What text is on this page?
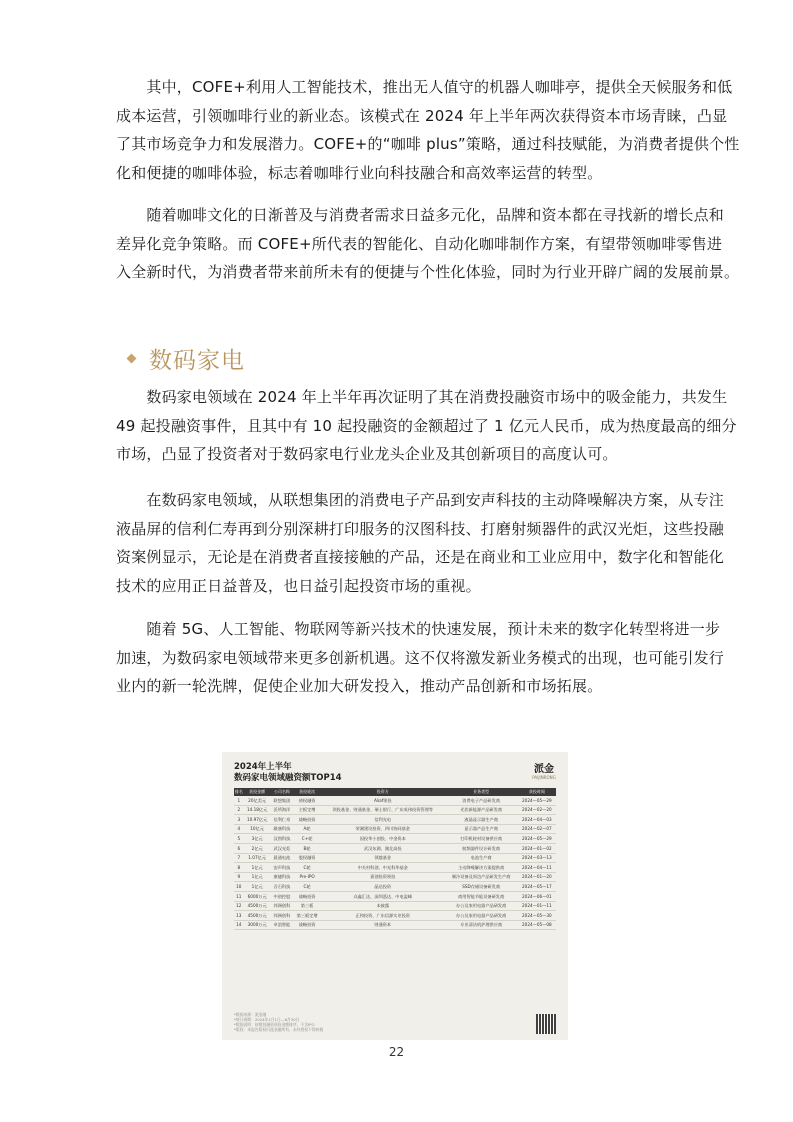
　　其中，COFE+利用人工智能技术，推出无人值守的机器人咖啡亭，提供全天候服务和低

成本运营，引领咖啡行业的新业态。该模式在 2024 年上半年两次获得资本市场青睐，凸显

了其市场竞争力和发展潜力。COFE+的“咖啡 plus”策略，通过科技赋能，为消费者提供个性

化和便捷的咖啡体验，标志着咖啡行业向科技融合和高效率运营的转型。

　　随着咖啡文化的日渐普及与消费者需求日益多元化，品牌和资本都在寻找新的增长点和

差异化竞争策略。而 COFE+所代表的智能化、自动化咖啡制作方案，有望带领咖啡零售进

入全新时代，为消费者带来前所未有的便捷与个性化体验，同时为行业开辟广阔的发展前景。

数码家电

　　数码家电领域在 2024 年上半年再次证明了其在消费投融资市场中的吸金能力，共发生

49 起投融资事件，且其中有 10 起投融资的金额超过了 1 亿元人民币，成为热度最高的细分

市场，凸显了投资者对于数码家电行业龙头企业及其创新项目的高度认可。

　　在数码家电领域，从联想集团的消费电子产品到安声科技的主动降噪解决方案，从专注

液晶屏的信利仁寿再到分别深耕打印服务的汉图科技、打磨射频器件的武汉光炬，这些投融

资案例显示，无论是在消费者直接接触的产品，还是在商业和工业应用中，数字化和智能化

技术的应用正日益普及，也日益引起投资市场的重视。

　　随着 5G、人工智能、物联网等新兴技术的快速发展，预计未来的数字化转型将进一步

加速，为数码家电领域带来更多创新机遇。这不仅将激发新业务模式的出现，也可能引发行

业内的新一轮洗牌，促使企业加大研发投入，推动产品创新和市场拓展。

2024年上半年
数码家电领域融资额TOP14
派金
PAIJINRONG
排名	获投金额	公司名称	获投轮次	投资方	业务类型	获投时间
1	20亿美元	联想集团	债权融资	Aliaf领投	消费电子产品研发商	2024—05—29
2	14.18亿元	沃所海洋	主板定增	领投基金、财通基金、瑞士银行、广东英伟投资管理等	光伏新能源产品研发商	2024—02—20
3	10.97亿元	信利仁寿	战略投资	信利光电	液晶显示器生产商	2024—04—03
4	10亿元	殿康科技	A轮	荣湘建设投资、四川协同基金	显示器产品生产商	2024—02—07
5	3亿元	汉图科技	C+轮	国投华小创投、中金资本	打印机耗材设备供应商	2024—05—29
6	2亿元	武汉光炬	B轮	武汉东湖、湖北高投	射频器件设计研发商	2024—01—02
7	1.07亿元	晨通电池	股权融资	领越基金	电池生产商	2024—03—13
8	1亿元	安声科技	C轮	中关村科创、中光科华基金	主动降噪解决方案提供商	2024—04—11
9	1亿元	康捷科技	Pre-IPO	嘉创投资领投	制冷设备及周边产品研发生产商	2024—01—20
10	1亿元	吾石科技	C轮	晶达投资	SSD存储设备研发商	2024—05—17
11	6000万元	中创控股	战略投资	众鑫汇达、深圳泓达、中电盈峰	商用智能节能设备研发商	2024—06—01
12	4500万元	邦洲创科	第三板	未披露	办公及家用电器产品研发商	2024—01—11
13	4500万元	邦洲创科	第三板定增	正和投资、广东信源实业投资	办公及家用电器产品研发商	2024—05—30
14	3000万元	卓浪智能	战略投资	财通资本	专业清洁机护理供应商	2024—05—08
*数据来源：派金融
*统计周期：2024年1月1日—6月30日
*数据说明：按照投融资获投金额排序，不含IPO
*版权：本报告版权归派金融所有，未经授权不得转载
22
